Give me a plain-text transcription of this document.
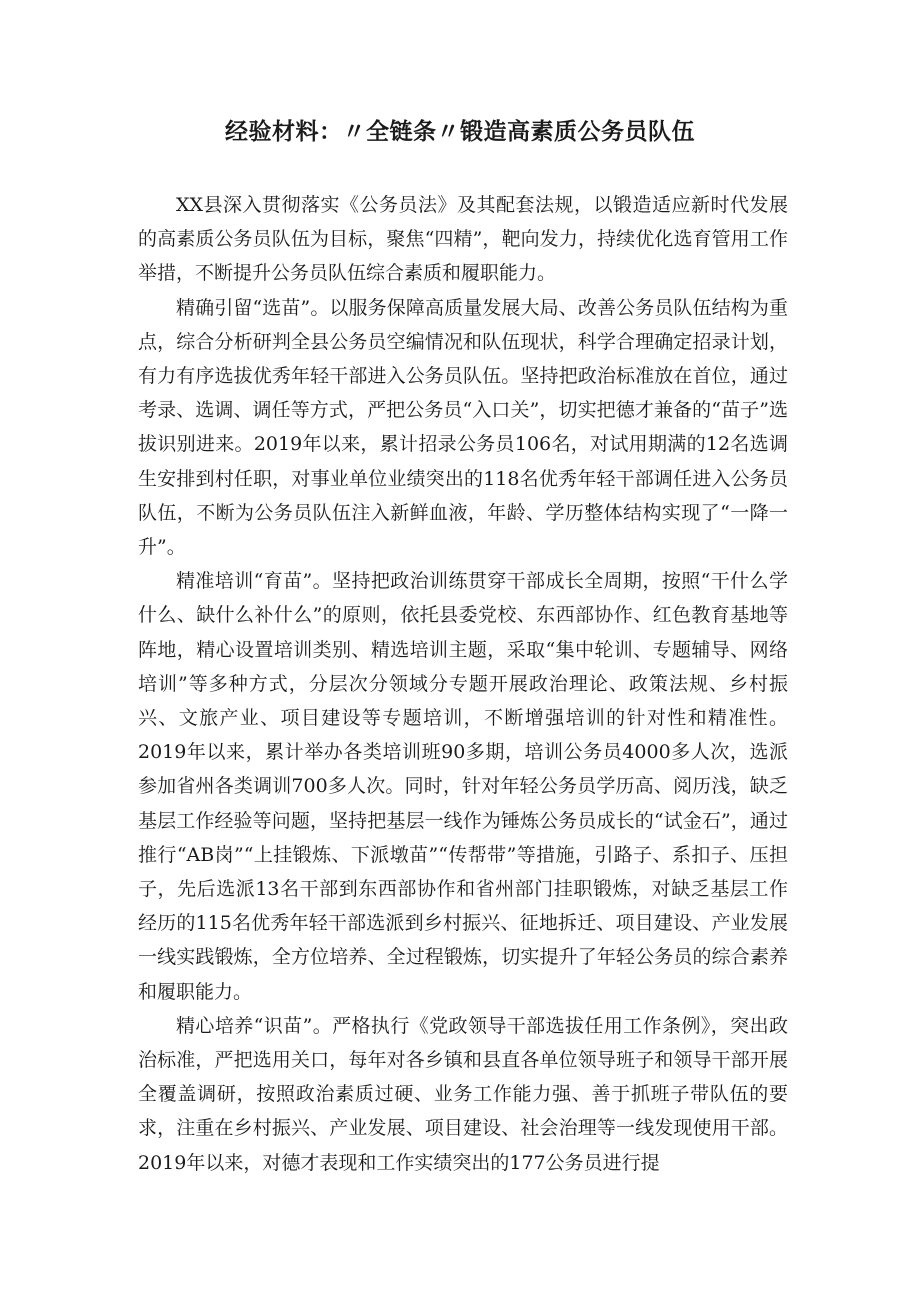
经验材料：〃全链条〃锻造高素质公务员队伍

XX县深入贯彻落实《公务员法》及其配套法规，以锻造适应新时代发展的高素质公务员队伍为目标，聚焦“四精”，靶向发力，持续优化选育管用工作举措，不断提升公务员队伍综合素质和履职能力。

精确引留“选苗”。以服务保障高质量发展大局、改善公务员队伍结构为重点，综合分析研判全县公务员空编情况和队伍现状，科学合理确定招录计划，有力有序选拔优秀年轻干部进入公务员队伍。坚持把政治标准放在首位，通过考录、选调、调任等方式，严把公务员“入口关”，切实把德才兼备的“苗子”选拔识别进来。2019年以来，累计招录公务员106名，对试用期满的12名选调生安排到村任职，对事业单位业绩突出的118名优秀年轻干部调任进入公务员队伍，不断为公务员队伍注入新鲜血液，年龄、学历整体结构实现了“一降一升”。

精准培训“育苗”。坚持把政治训练贯穿干部成长全周期，按照“干什么学什么、缺什么补什么”的原则，依托县委党校、东西部协作、红色教育基地等阵地，精心设置培训类别、精选培训主题，采取“集中轮训、专题辅导、网络培训”等多种方式，分层次分领域分专题开展政治理论、政策法规、乡村振兴、文旅产业、项目建设等专题培训，不断增强培训的针对性和精准性。2019年以来，累计举办各类培训班90多期，培训公务员4000多人次，选派参加省州各类调训700多人次。同时，针对年轻公务员学历高、阅历浅，缺乏基层工作经验等问题，坚持把基层一线作为锤炼公务员成长的“试金石”，通过推行“AB岗”“上挂锻炼、下派墩苗”“传帮带”等措施，引路子、系扣子、压担子，先后选派13名干部到东西部协作和省州部门挂职锻炼，对缺乏基层工作经历的115名优秀年轻干部选派到乡村振兴、征地拆迁、项目建设、产业发展一线实践锻炼，全方位培养、全过程锻炼，切实提升了年轻公务员的综合素养和履职能力。

精心培养“识苗”。严格执行《党政领导干部选拔任用工作条例》，突出政治标准，严把选用关口，每年对各乡镇和县直各单位领导班子和领导干部开展全覆盖调研，按照政治素质过硬、业务工作能力强、善于抓班子带队伍的要求，注重在乡村振兴、产业发展、项目建设、社会治理等一线发现使用干部。2019年以来，对德才表现和工作实绩突出的177公务员进行提
